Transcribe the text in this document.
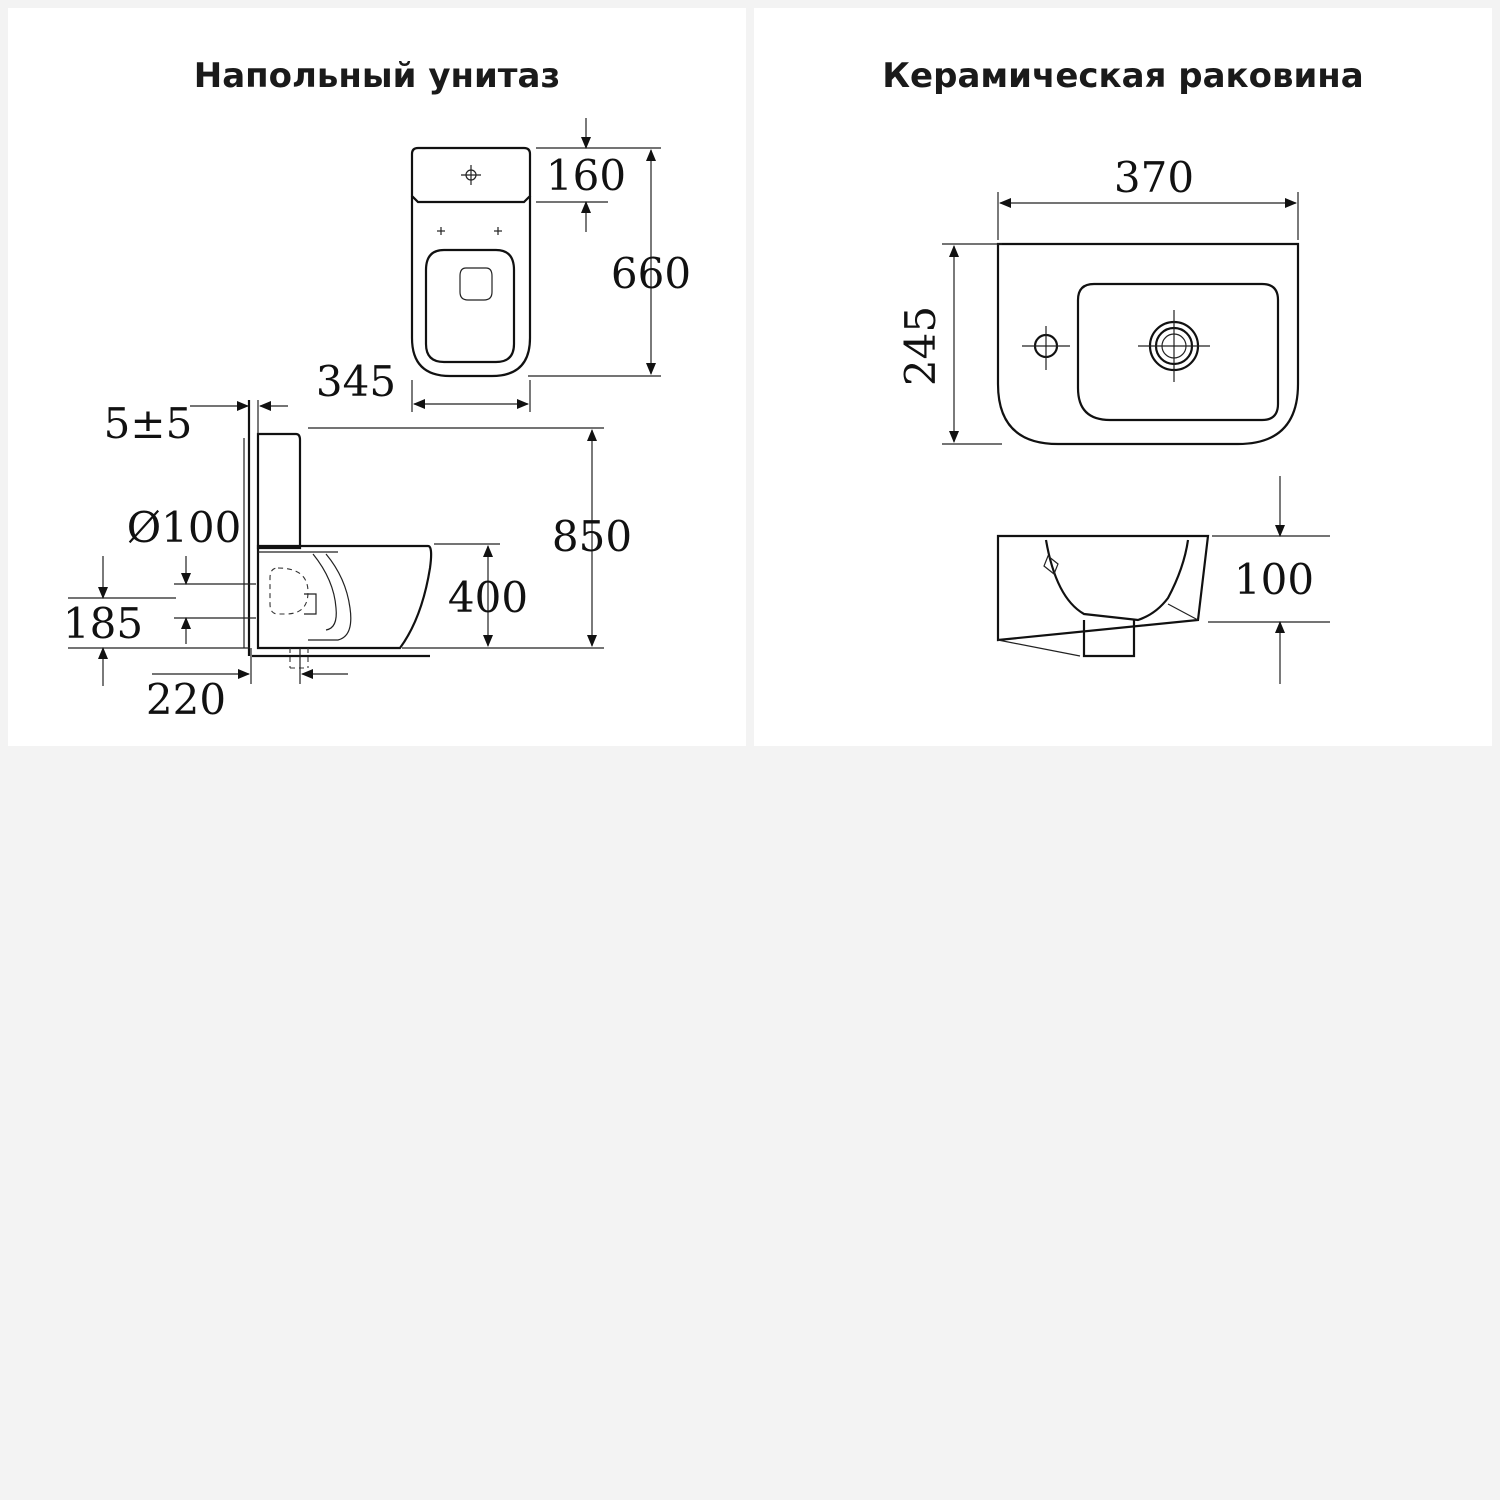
Напольный унитаз
160
660
345
5±5
850
Ø100
400
185
220
Керамическая раковина
370
245
100
